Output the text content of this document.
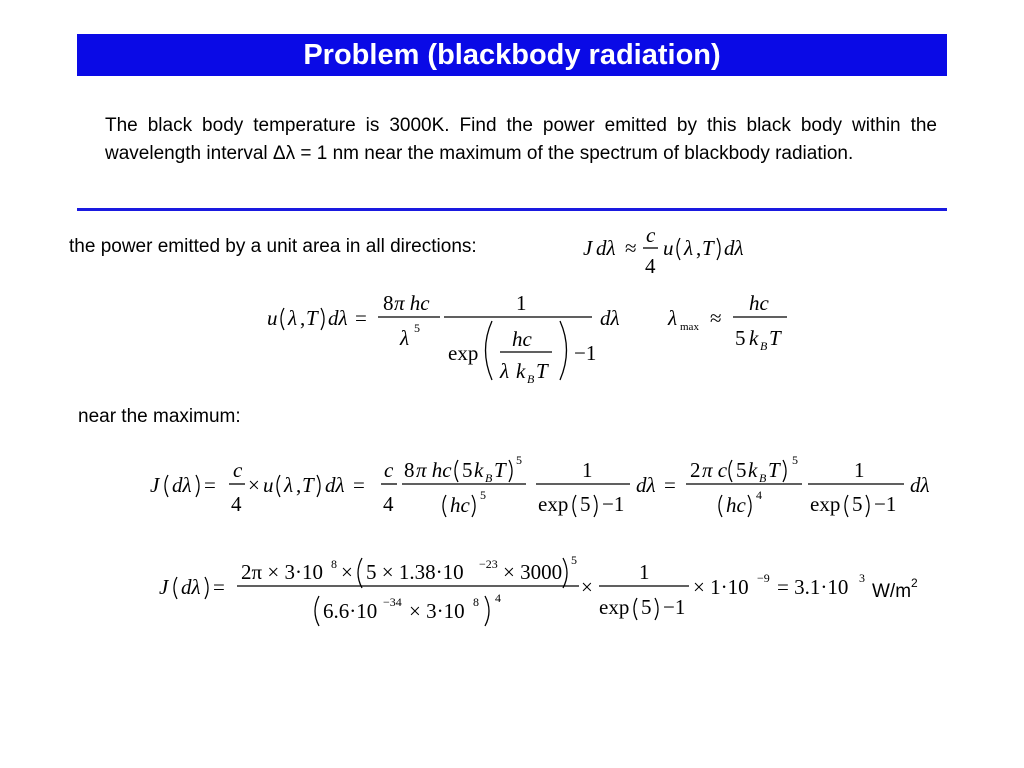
Problem (blackbody radiation)
The black body temperature is 3000K. Find the power emitted by this black body within the wavelength interval Δλ = 1 nm near the maximum of the spectrum of blackbody radiation.
the power emitted by a unit area in all directions:	J dλ ≈
c
4
u λ , T dλ
u λ , T dλ =
8 π hc
λ 5
1
exp
hc
λ k B T
−1
dλ λ max ≈
hc
5 k B T
near the maximum:
J dλ =
c
4
× u λ , T dλ =
c
4
8 π hc 5 k B T 5
hc 5
1
exp 5 −1
dλ =
2 π c 5 k B T 5
hc 4
1
exp 5 −1
dλ
J dλ =
2π × 3·10 8 × 5 × 1.38·10 −23 × 3000 5
6.6·10 −34 × 3·10 8 4	×
1
exp 5 −1
× 1·10 −9 = 3.1·10 3
$W/m^2$
